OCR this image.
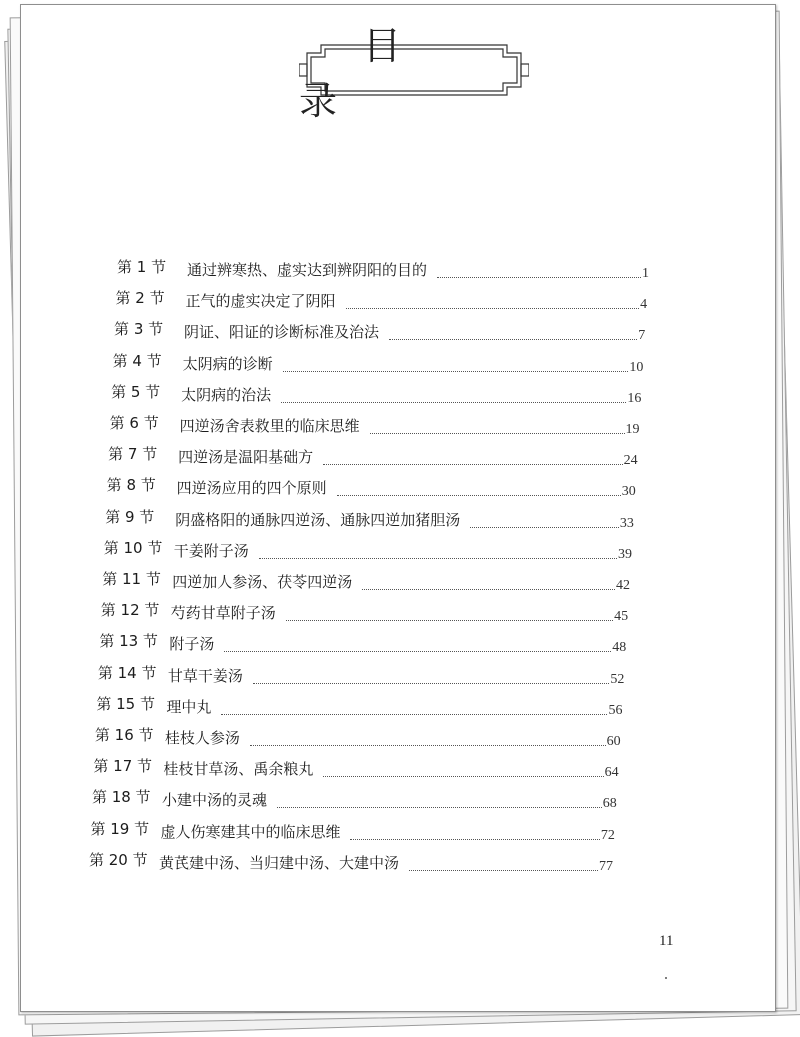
目 录
第 1 节 通过辨寒热、虚实达到辨阴阳的目的	1
第 2 节 正气的虚实决定了阴阳	4
第 3 节 阴证、阳证的诊断标准及治法	7
第 4 节 太阴病的诊断	10
第 5 节 太阴病的治法	16
第 6 节 四逆汤舍表救里的临床思维	19
第 7 节 四逆汤是温阳基础方	24
第 8 节 四逆汤应用的四个原则	30
第 9 节 阴盛格阳的通脉四逆汤、通脉四逆加猪胆汤	33
第 10 节 干姜附子汤	39
第 11 节 四逆加人参汤、茯苓四逆汤	42
第 12 节 芍药甘草附子汤	45
第 13 节 附子汤	48
第 14 节 甘草干姜汤	52
第 15 节 理中丸	56
第 16 节 桂枝人参汤	60
第 17 节 桂枝甘草汤、禹余粮丸	64
第 18 节 小建中汤的灵魂	68
第 19 节 虚人伤寒建其中的临床思维	72
第 20 节 黄芪建中汤、当归建中汤、大建中汤	77
11
